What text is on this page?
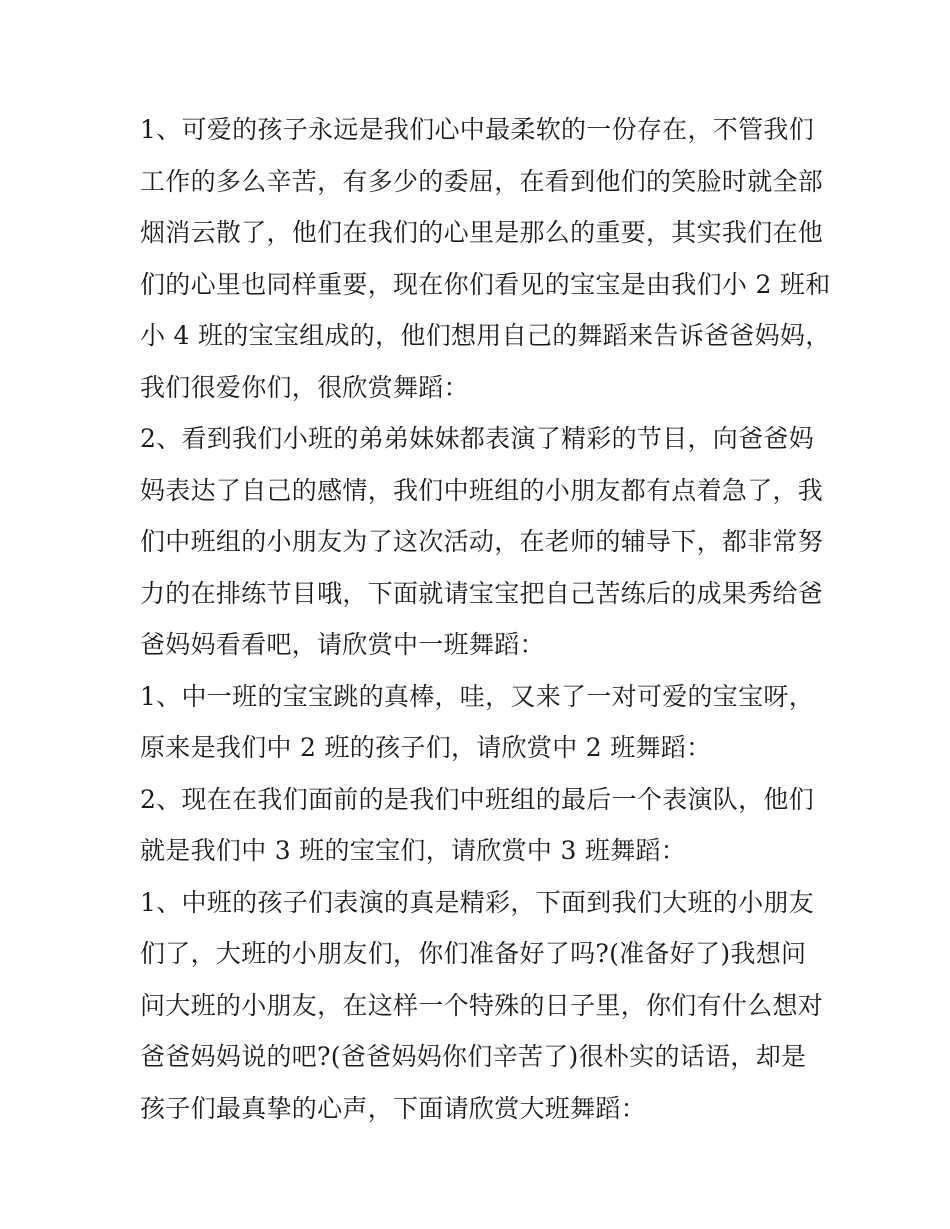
1、可爱的孩子永远是我们心中最柔软的一份存在，不管我们
工作的多么辛苦，有多少的委屈，在看到他们的笑脸时就全部
烟消云散了，他们在我们的心里是那么的重要，其实我们在他
们的心里也同样重要，现在你们看见的宝宝是由我们小 2 班和
小 4 班的宝宝组成的，他们想用自己的舞蹈来告诉爸爸妈妈，
我们很爱你们，很欣赏舞蹈：
2、看到我们小班的弟弟妹妹都表演了精彩的节目，向爸爸妈
妈表达了自己的感情，我们中班组的小朋友都有点着急了，我
们中班组的小朋友为了这次活动，在老师的辅导下，都非常努
力的在排练节目哦，下面就请宝宝把自己苦练后的成果秀给爸
爸妈妈看看吧，请欣赏中一班舞蹈：
1、中一班的宝宝跳的真棒，哇，又来了一对可爱的宝宝呀，
原来是我们中 2 班的孩子们，请欣赏中 2 班舞蹈：
2、现在在我们面前的是我们中班组的最后一个表演队，他们
就是我们中 3 班的宝宝们，请欣赏中 3 班舞蹈：
1、中班的孩子们表演的真是精彩，下面到我们大班的小朋友
们了，大班的小朋友们，你们准备好了吗?(准备好了)我想问
问大班的小朋友，在这样一个特殊的日子里，你们有什么想对
爸爸妈妈说的吧?(爸爸妈妈你们辛苦了)很朴实的话语，却是
孩子们最真挚的心声，下面请欣赏大班舞蹈：
